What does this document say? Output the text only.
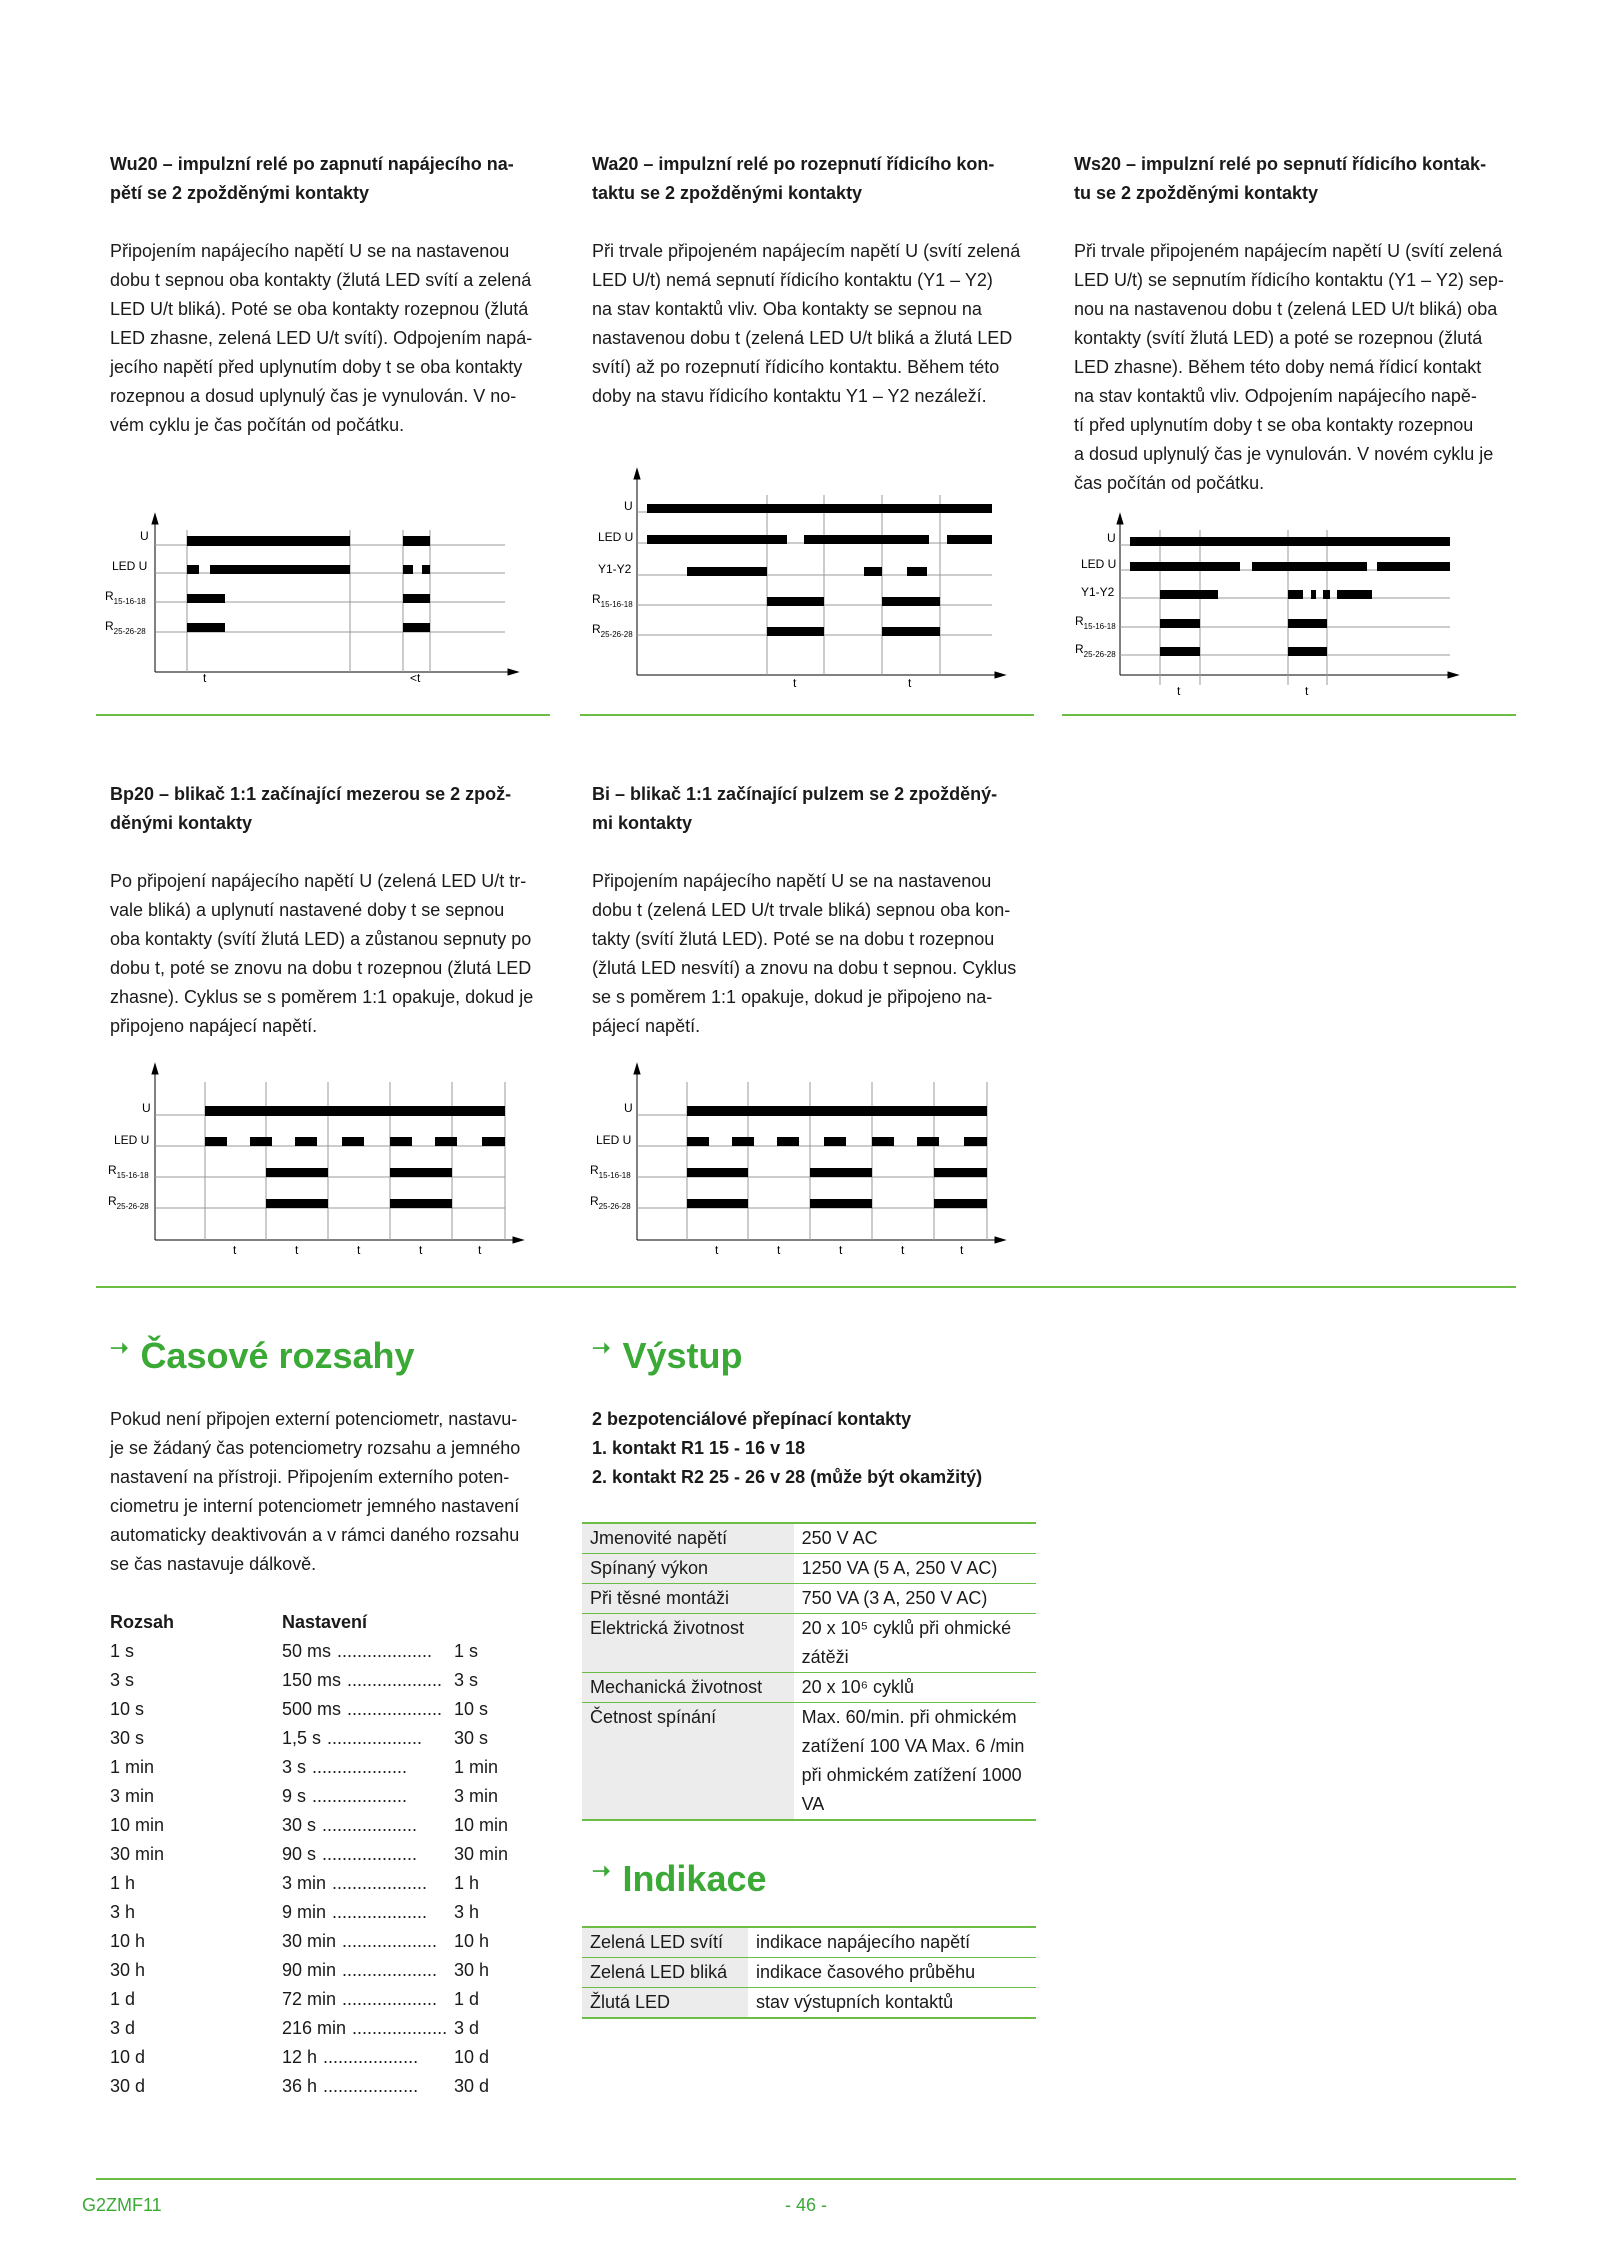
Wu20 – impulzní relé po zapnutí napájecího na-
pětí se 2 zpožděnými kontakty
Připojením napájecího napětí U se na nastavenou
dobu t sepnou oba kontakty (žlutá LED svítí a zelená
LED U/t bliká). Poté se oba kontakty rozepnou (žlutá
LED zhasne, zelená LED U/t svítí). Odpojením napá-
jecího napětí před uplynutím doby t se oba kontakty
rozepnou a dosud uplynulý čas je vynulován. V no-
vém cyklu je čas počítán od počátku.
Wa20 – impulzní relé po rozepnutí řídicího kon-
taktu se 2 zpožděnými kontakty
Při trvale připojeném napájecím napětí U (svítí zelená
LED U/t) nemá sepnutí řídicího kontaktu (Y1 – Y2)
na stav kontaktů vliv. Oba kontakty se sepnou na
nastavenou dobu t (zelená LED U/t bliká a žlutá LED
svítí) až po rozepnutí řídicího kontaktu. Během této
doby na stavu řídicího kontaktu Y1 – Y2 nezáleží.
Ws20 – impulzní relé po sepnutí řídicího kontak-
tu se 2 zpožděnými kontakty
Při trvale připojeném napájecím napětí U (svítí zelená
LED U/t) se sepnutím řídicího kontaktu (Y1 – Y2) sep-
nou na nastavenou dobu t (zelená LED U/t bliká) oba
kontakty (svítí žlutá LED) a poté se rozepnou (žlutá
LED zhasne). Během této doby nemá řídicí kontakt
na stav kontaktů vliv. Odpojením napájecího napě-
tí před uplynutím doby t se oba kontakty rozepnou
a dosud uplynulý čas je vynulován. V novém cyklu je
čas počítán od počátku.
U
LED U
$R_{15-16-18}$
$R_{25-26-28}$
t	<t
U
LED U
Y1-Y2
$R_{15-16-18}$
$R_{25-26-28}$
t	t
U
LED U
Y1-Y2
$R_{15-16-18}$
$R_{25-26-28}$
t	t
Bp20 – blikač 1:1 začínající mezerou se 2 zpož-
děnými kontakty
Po připojení napájecího napětí U (zelená LED U/t tr-
vale bliká) a uplynutí nastavené doby t se sepnou
oba kontakty (svítí žlutá LED) a zůstanou sepnuty po
dobu t, poté se znovu na dobu t rozepnou (žlutá LED
zhasne). Cyklus se s poměrem 1:1 opakuje, dokud je
připojeno napájecí napětí.
Bi – blikač 1:1 začínající pulzem se 2 zpožděný-
mi kontakty
Připojením napájecího napětí U se na nastavenou
dobu t (zelená LED U/t trvale bliká) sepnou oba kon-
takty (svítí žlutá LED). Poté se na dobu t rozepnou
(žlutá LED nesvítí) a znovu na dobu t sepnou. Cyklus
se s poměrem 1:1 opakuje, dokud je připojeno na-
pájecí napětí.
U
LED U
$R_{15-16-18}$
$R_{25-26-28}$
t	t	t	t	t
U
LED U
$R_{15-16-18}$
$R_{25-26-28}$
t	t	t	t	t
➝ Časové rozsahy
Pokud není připojen externí potenciometr, nastavu-
je se žádaný čas potenciometry rozsahu a jemného
nastavení na přístroji. Připojením externího poten-
ciometru je interní potenciometr jemného nastavení
automaticky deaktivován a v rámci daného rozsahu
se čas nastavuje dálkově.
Rozsah	Nastavení
1 s	50 ms ...................	1 s
3 s	150 ms ................... 3 s
10 s	500 ms ................... 10 s
30 s	1,5 s ...................	30 s
1 min	3 s ...................	1 min
3 min	9 s ...................	3 min
10 min	30 s ...................	10 min
30 min	90 s ...................	30 min
1 h	3 min ...................	1 h
3 h	9 min ...................	3 h
10 h	30 min ................... 10 h
30 h	90 min ................... 30 h
1 d	72 min ................... 1 d
3 d	216 min ................... 3 d
10 d	12 h ...................	10 d
30 d	36 h ...................	30 d
➝ Výstup
2 bezpotenciálové přepínací kontakty
1. kontakt R1 15 - 16 v 18
2. kontakt R2 25 - 26 v 28 (může být okamžitý)
Jmenovité napětí	250 V AC
Spínaný výkon	1250 VA (5 A, 250 V AC)
Při těsné montáži	750 VA (3 A, 250 V AC)
Elektrická životnost	20 x 10⁵ cyklů při ohmické zátěži
Mechanická životnost	20 x 10⁶ cyklů
Četnost spínání	Max. 60/min. při ohmickém zatížení 100 VA Max. 6 /min při ohmickém zatížení 1000 VA
➝ Indikace
Zelená LED svítí	indikace napájecího napětí
Zelená LED bliká	indikace časového průběhu
Žlutá LED	stav výstupních kontaktů
G2ZMF11	- 46 -
